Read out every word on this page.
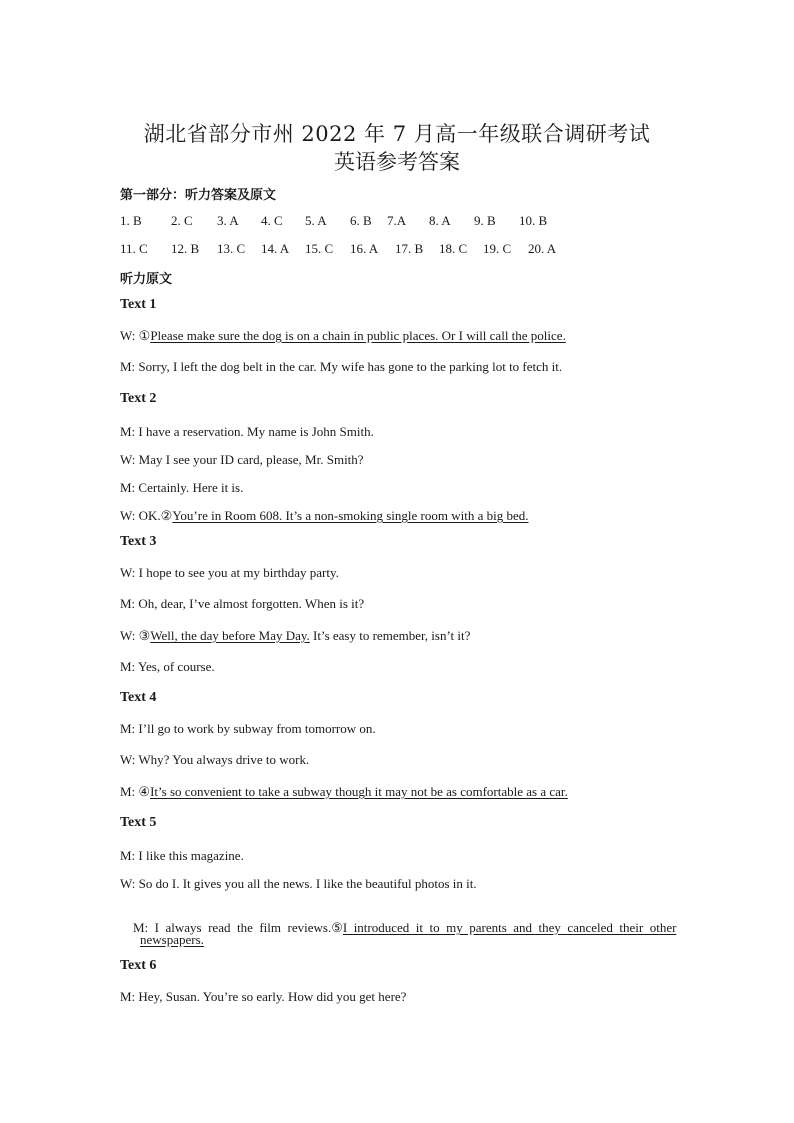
湖北省部分市州 2022 年 7 月高一年级联合调研考试
英语参考答案
第一部分：听力答案及原文
1. B 2. C 3. A 4. C 5. A 6. B 7.A 8. A 9. B 10. B
11. C 12. B 13. C 14. A 15. C 16. A 17. B 18. C 19. C 20. A
听力原文
Text 1
W: ①Please make sure the dog is on a chain in public places. Or I will call the police.
M: Sorry, I left the dog belt in the car. My wife has gone to the parking lot to fetch it.
Text 2
M: I have a reservation. My name is John Smith.
W: May I see your ID card, please, Mr. Smith?
M: Certainly. Here it is.
W: OK.②You’re in Room 608. It’s a non-smoking single room with a big bed.
Text 3
W: I hope to see you at my birthday party.
M: Oh, dear, I’ve almost forgotten. When is it?
W: ③Well, the day before May Day. It’s easy to remember, isn’t it?
M: Yes, of course.
Text 4
M: I’ll go to work by subway from tomorrow on.
W: Why? You always drive to work.
M: ④It’s so convenient to take a subway though it may not be as comfortable as a car.
Text 5
M: I like this magazine.
W: So do I. It gives you all the news. I like the beautiful photos in it.

M:  I  always  read  the  film  reviews.⑤I  introduced  it  to  my  parents  and  they  canceled  their  other

newspapers.
Text 6
M: Hey, Susan. You’re so early. How did you get here?
